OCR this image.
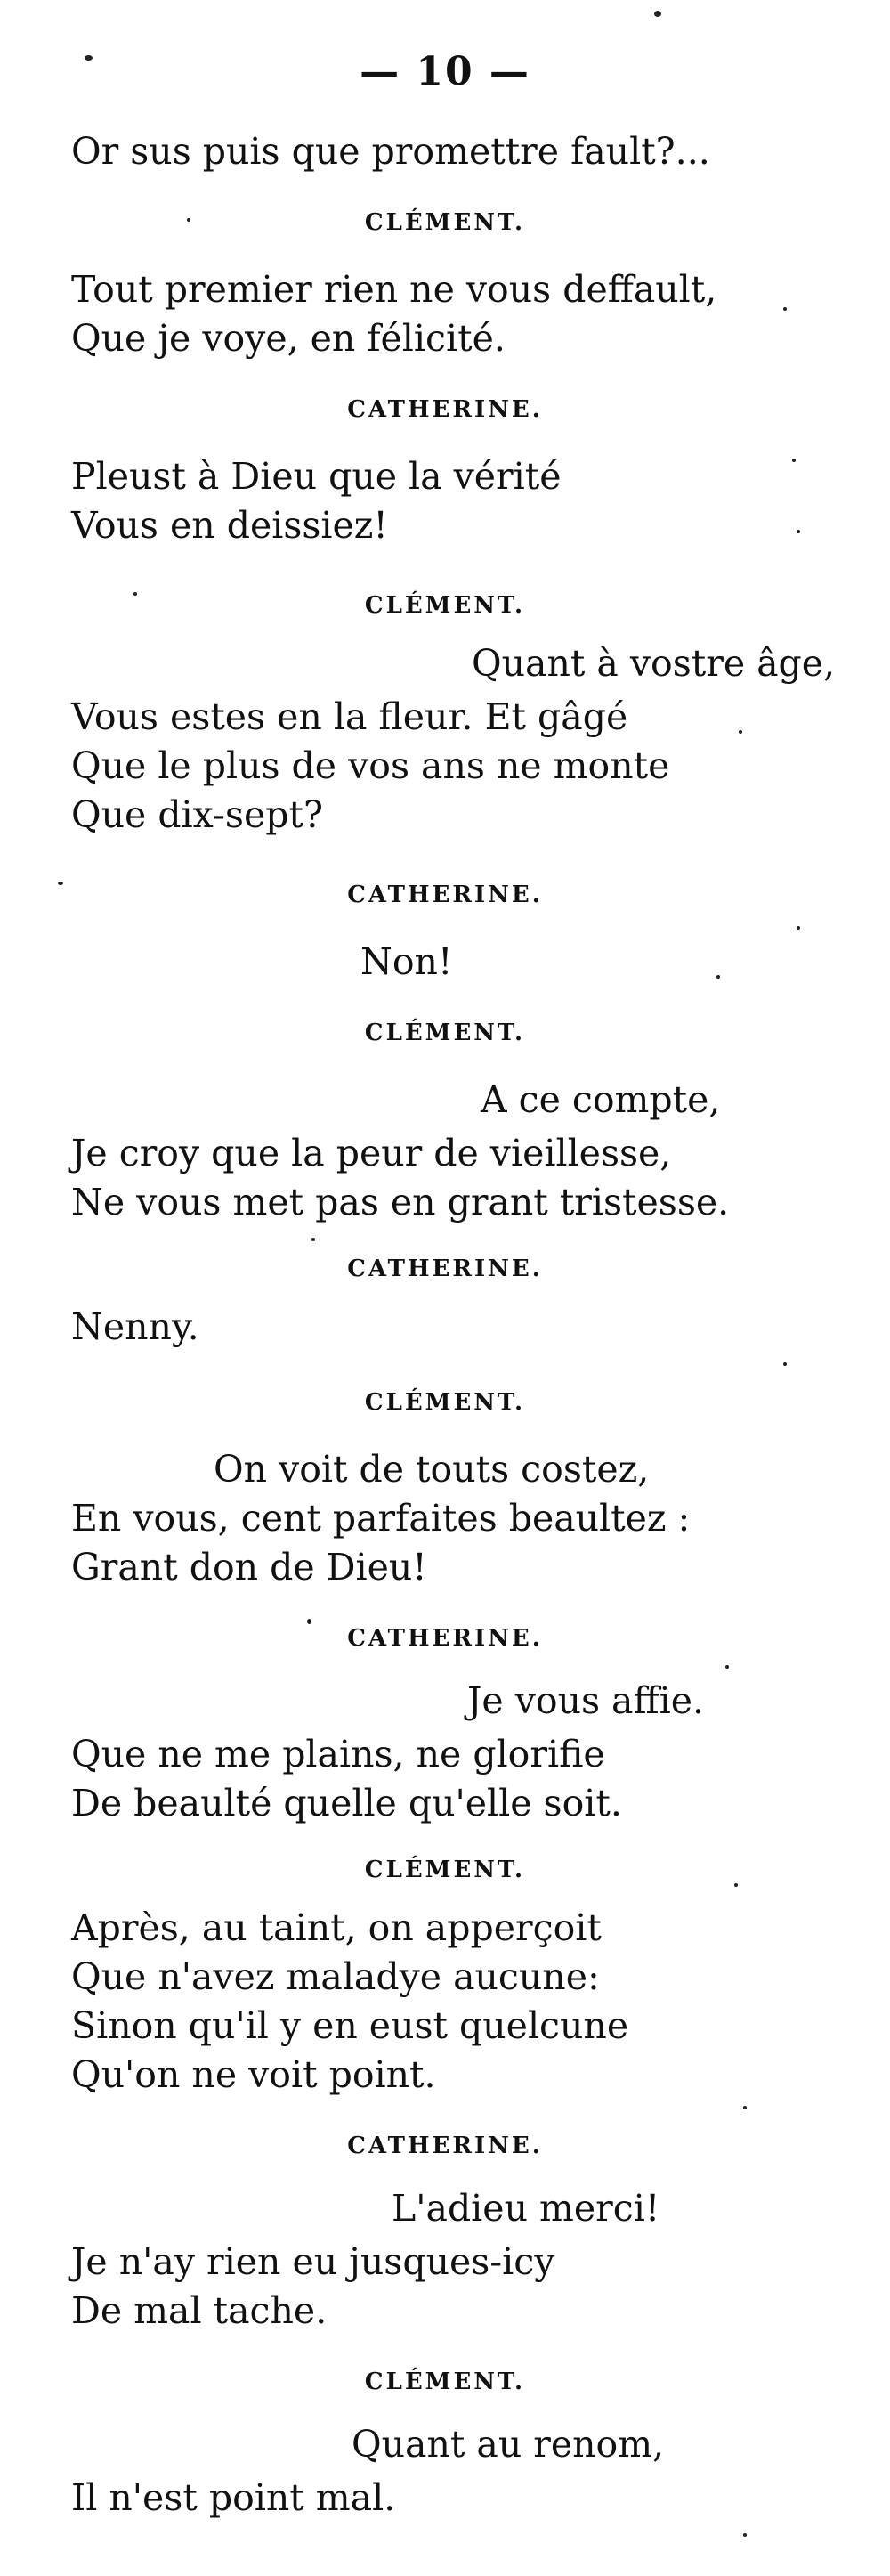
— 10 —
Or sus puis que promettre fault?...
CLÉMENT.
Tout premier rien ne vous deffault,
Que je voye, en félicité.
CATHERINE.
Pleust à Dieu que la vérité
Vous en deissiez!
CLÉMENT.
Quant à vostre âge,
Vous estes en la fleur. Et gâgé
Que le plus de vos ans ne monte
Que dix-sept?
CATHERINE.
Non!
CLÉMENT.
A ce compte,
Je croy que la peur de vieillesse,
Ne vous met pas en grant tristesse.
CATHERINE.
Nenny.
CLÉMENT.
On voit de touts costez,
En vous, cent parfaites beaultez :
Grant don de Dieu!
CATHERINE.
Je vous affie.
Que ne me plains, ne glorifie
De beaulté quelle qu'elle soit.
CLÉMENT.
Après, au taint, on apperçoit
Que n'avez maladye aucune:
Sinon qu'il y en eust quelcune
Qu'on ne voit point.
CATHERINE.
L'adieu merci!
Je n'ay rien eu jusques-icy
De mal tache.
CLÉMENT.
Quant au renom,
Il n'est point mal.
